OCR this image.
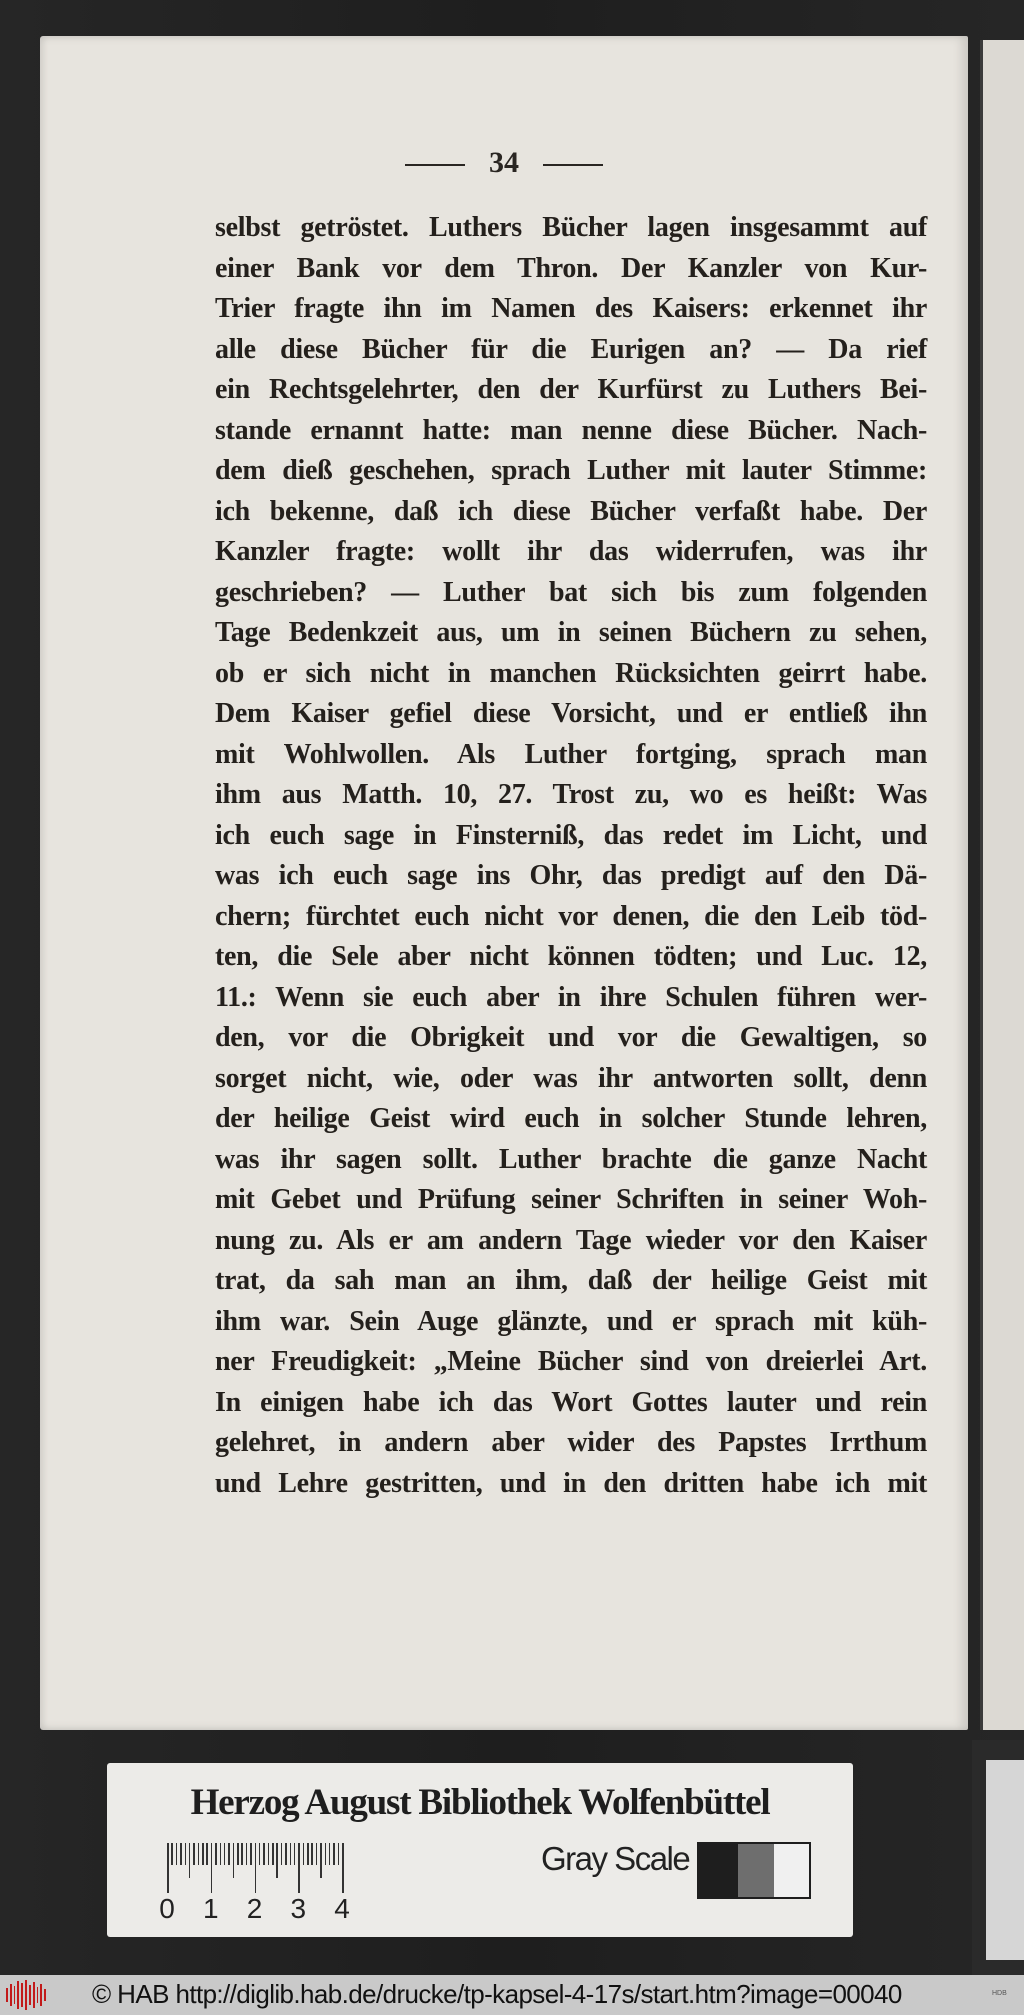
34
selbst getröstet. Luthers Bücher lagen insgesammt auf
einer Bank vor dem Thron. Der Kanzler von Kur-
Trier fragte ihn im Namen des Kaisers: erkennet ihr
alle diese Bücher für die Eurigen an? — Da rief
ein Rechtsgelehrter, den der Kurfürst zu Luthers Bei-
stande ernannt hatte: man nenne diese Bücher. Nach-
dem dieß geschehen, sprach Luther mit lauter Stimme:
ich bekenne, daß ich diese Bücher verfaßt habe. Der
Kanzler fragte: wollt ihr das widerrufen, was ihr
geschrieben? — Luther bat sich bis zum folgenden
Tage Bedenkzeit aus, um in seinen Büchern zu sehen,
ob er sich nicht in manchen Rücksichten geirrt habe.
Dem Kaiser gefiel diese Vorsicht, und er entließ ihn
mit Wohlwollen. Als Luther fortging, sprach man
ihm aus Matth. 10, 27. Trost zu, wo es heißt: Was
ich euch sage in Finsterniß, das redet im Licht, und
was ich euch sage ins Ohr, das predigt auf den Dä-
chern; fürchtet euch nicht vor denen, die den Leib töd-
ten, die Sele aber nicht können tödten; und Luc. 12,
11.: Wenn sie euch aber in ihre Schulen führen wer-
den, vor die Obrigkeit und vor die Gewaltigen, so
sorget nicht, wie, oder was ihr antworten sollt, denn
der heilige Geist wird euch in solcher Stunde lehren,
was ihr sagen sollt. Luther brachte die ganze Nacht
mit Gebet und Prüfung seiner Schriften in seiner Woh-
nung zu. Als er am andern Tage wieder vor den Kaiser
trat, da sah man an ihm, daß der heilige Geist mit
ihm war. Sein Auge glänzte, und er sprach mit küh-
ner Freudigkeit: „Meine Bücher sind von dreierlei Art.
In einigen habe ich das Wort Gottes lauter und rein
gelehret, in andern aber wider des Papstes Irrthum
und Lehre gestritten, und in den dritten habe ich mit
Herzog August Bibliothek Wolfenbüttel
0 1 2 3 4
Gray Scale
© HAB http://diglib.hab.de/drucke/tp-kapsel-4-17s/start.htm?image=00040	HDB
